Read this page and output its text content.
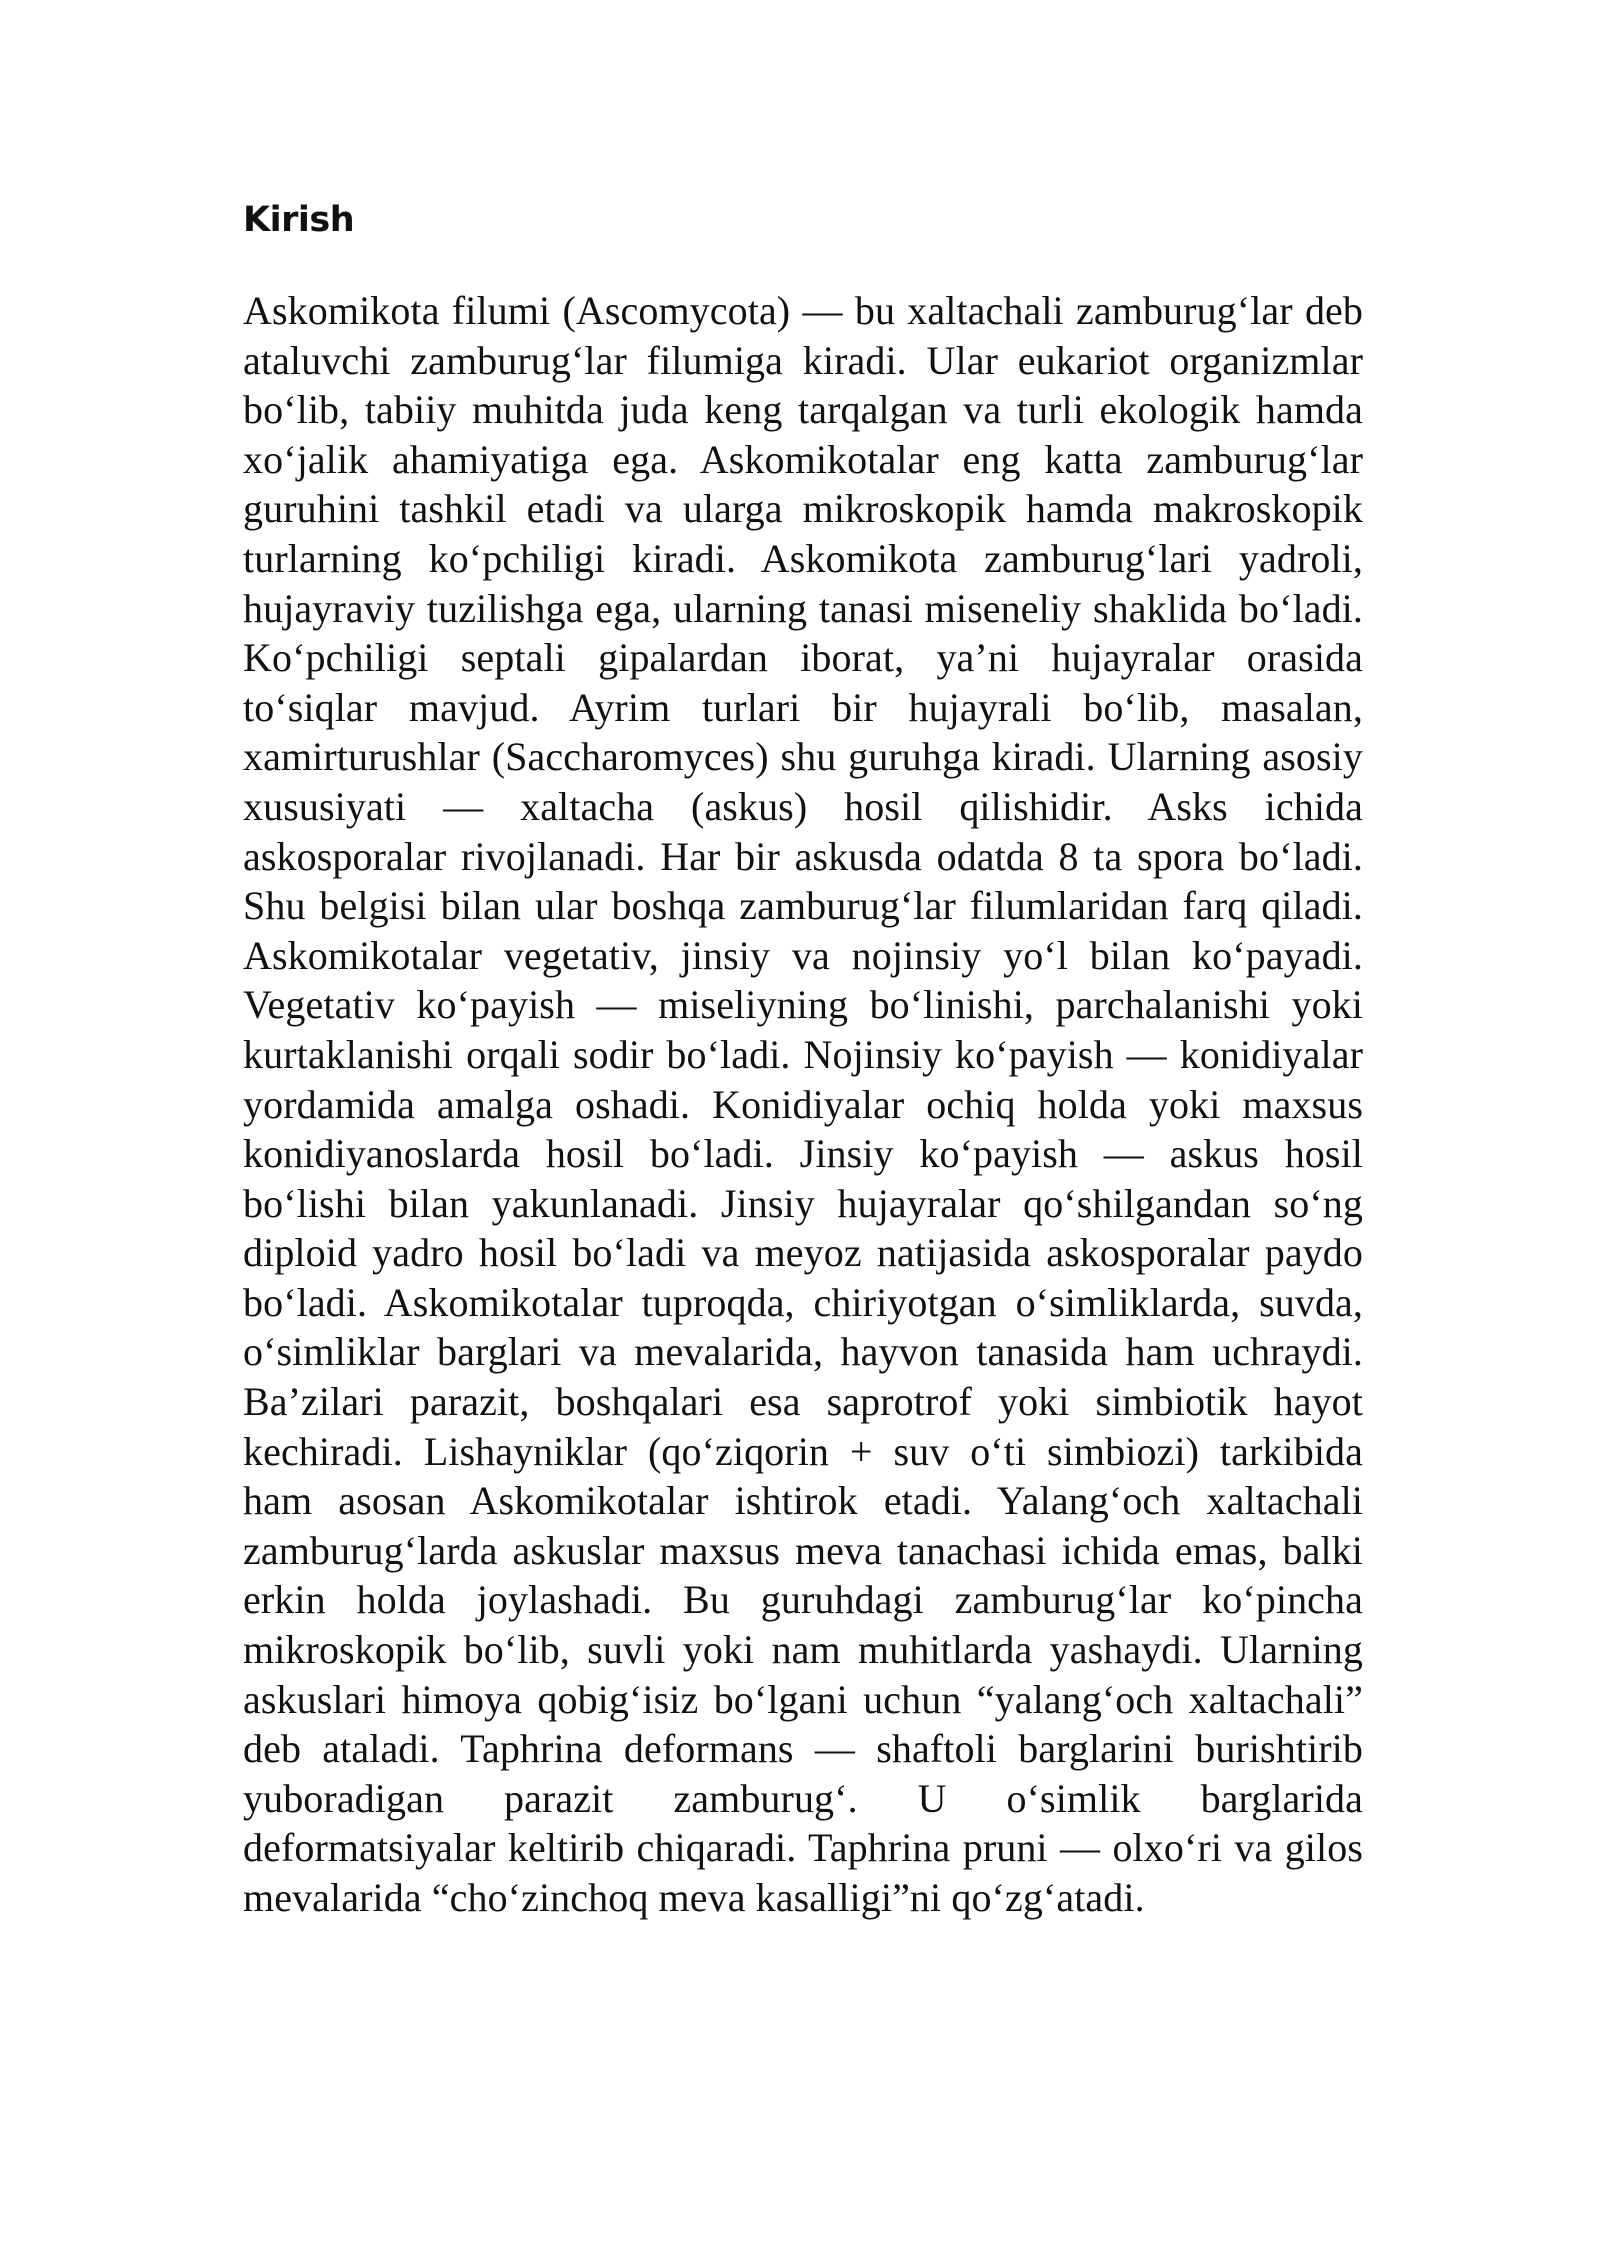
Kirish

Askomikota filumi (Ascomycota) — bu xaltachali zamburug‘lar deb ataluvchi zamburug‘lar filumiga kiradi. Ular eukariot organizmlar bo‘lib, tabiiy muhitda juda keng tarqalgan va turli ekologik hamda xo‘jalik ahamiyatiga ega. Askomikotalar eng katta zamburug‘lar guruhini tashkil etadi va ularga mikroskopik hamda makroskopik turlarning ko‘pchiligi kiradi. Askomikota zamburug‘lari yadroli, hujayraviy tuzilishga ega, ularning tanasi miseneliy shaklida bo‘ladi. Ko‘pchiligi septali gipalardan iborat, ya’ni hujayralar orasida to‘siqlar mavjud. Ayrim turlari bir hujayrali bo‘lib, masalan, xamirturushlar (Saccharomyces) shu guruhga kiradi. Ularning asosiy xususiyati — xaltacha (askus) hosil qilishidir. Asks ichida askosporalar rivojlanadi. Har bir askusda odatda 8 ta spora bo‘ladi. Shu belgisi bilan ular boshqa zamburug‘lar filumlaridan farq qiladi. Askomikotalar vegetativ, jinsiy va nojinsiy yo‘l bilan ko‘payadi. Vegetativ ko‘payish — miseliyning bo‘linishi, parchalanishi yoki kurtaklanishi orqali sodir bo‘ladi. Nojinsiy ko‘payish — konidiyalar yordamida amalga oshadi. Konidiyalar ochiq holda yoki maxsus konidiyanoslarda hosil bo‘ladi. Jinsiy ko‘payish — askus hosil bo‘lishi bilan yakunlanadi. Jinsiy hujayralar qo‘shilgandan so‘ng diploid yadro hosil bo‘ladi va meyoz natijasida askosporalar paydo bo‘ladi. Askomikotalar tuproqda, chiriyotgan o‘simliklarda, suvda, o‘simliklar barglari va mevalarida, hayvon tanasida ham uchraydi. Ba’zilari parazit, boshqalari esa saprotrof yoki simbiotik hayot kechiradi. Lishayniklar (qo‘ziqorin + suv o‘ti simbiozi) tarkibida ham asosan Askomikotalar ishtirok etadi. Yalang‘och xaltachali zamburug‘larda askuslar maxsus meva tanachasi ichida emas, balki erkin holda joylashadi. Bu guruhdagi zamburug‘lar ko‘pincha mikroskopik bo‘lib, suvli yoki nam muhitlarda yashaydi. Ularning askuslari himoya qobig‘isiz bo‘lgani uchun “yalang‘och xaltachali” deb ataladi. Taphrina deformans — shaftoli barglarini burishtirib yuboradigan parazit zamburug‘. U o‘simlik barglarida deformatsiyalar keltirib chiqaradi. Taphrina pruni — olxo‘ri va gilos mevalarida “cho‘zinchoq meva kasalligi”ni qo‘zg‘atadi.
